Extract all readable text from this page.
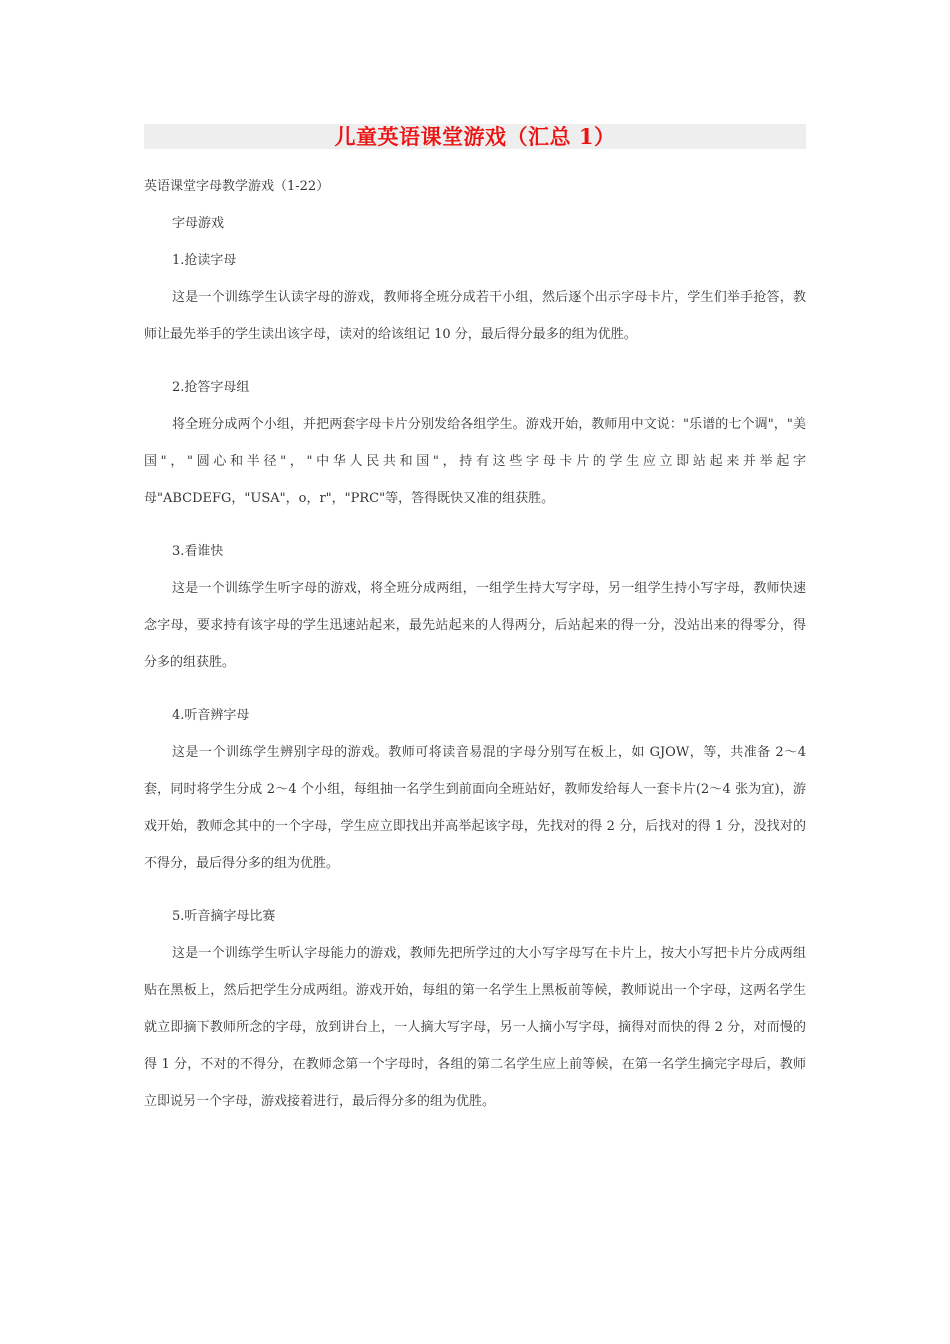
儿童英语课堂游戏（汇总 1）

英语课堂字母教学游戏（1-22）

字母游戏

1.抢读字母

这是一个训练学生认读字母的游戏，教师将全班分成若干小组，然后逐个出示字母卡片，学生们举手抢答，教师让最先举手的学生读出该字母，读对的给该组记 10 分，最后得分最多的组为优胜。

2.抢答字母组

将全班分成两个小组，并把两套字母卡片分别发给各组学生。游戏开始，教师用中文说："乐谱的七个调"，"美国"，"圆心和半径"，"中华人民共和国"，持有这些字母卡片的学生应立即站起来并举起字母"ABCDEFG，"USA"，o，r"，"PRC"等，答得既快又准的组获胜。

3.看谁快

这是一个训练学生听字母的游戏，将全班分成两组，一组学生持大写字母，另一组学生持小写字母，教师快速念字母，要求持有该字母的学生迅速站起来，最先站起来的人得两分，后站起来的得一分，没站出来的得零分，得分多的组获胜。

4.听音辨字母

这是一个训练学生辨别字母的游戏。教师可将读音易混的字母分别写在板上，如 GJOW，等，共准备 2～4 套，同时将学生分成 2～4 个小组，每组抽一名学生到前面向全班站好，教师发给每人一套卡片(2～4 张为宜)，游戏开始，教师念其中的一个字母，学生应立即找出并高举起该字母，先找对的得 2 分，后找对的得 1 分，没找对的不得分，最后得分多的组为优胜。

5.听音摘字母比赛

这是一个训练学生听认字母能力的游戏，教师先把所学过的大小写字母写在卡片上，按大小写把卡片分成两组贴在黑板上，然后把学生分成两组。游戏开始，每组的第一名学生上黑板前等候，教师说出一个字母，这两名学生就立即摘下教师所念的字母，放到讲台上，一人摘大写字母，另一人摘小写字母，摘得对而快的得 2 分，对而慢的得 1 分，不对的不得分，在教师念第一个字母时，各组的第二名学生应上前等候，在第一名学生摘完字母后，教师立即说另一个字母，游戏接着进行，最后得分多的组为优胜。
